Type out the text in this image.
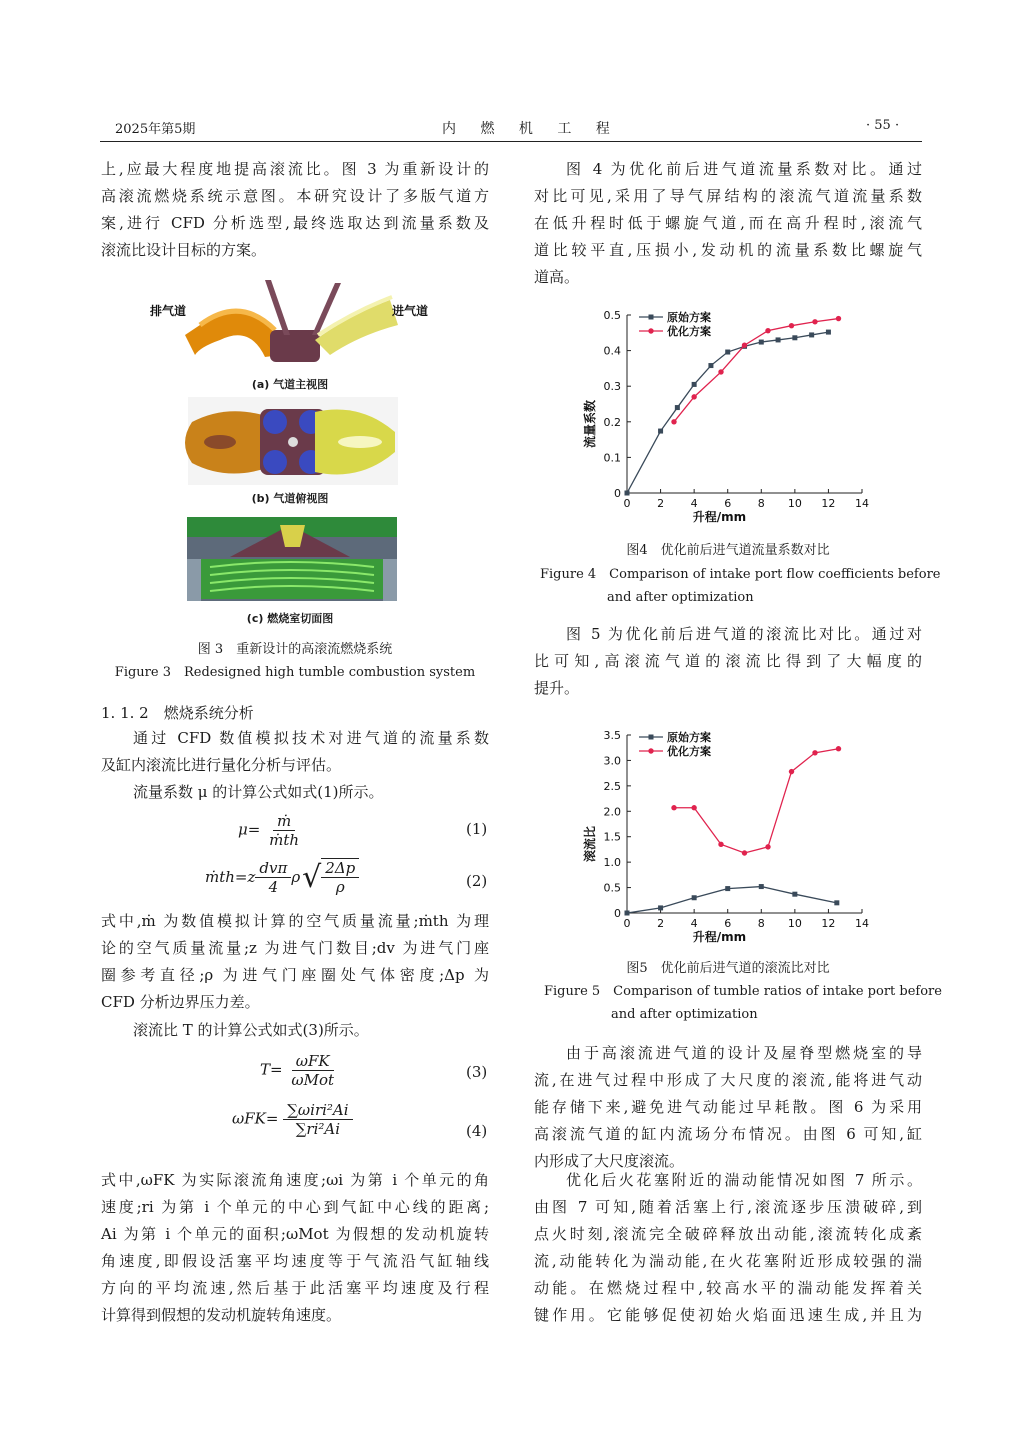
2025年第5期	内 燃 机 工 程	· 55 ·
上,应最大程度地提高滚流比。图 3 为重新设计的
高滚流燃烧系统示意图。本研究设计了多版气道方
案,进行 CFD 分析选型,最终选取达到流量系数及
滚流比设计目标的方案。
排气道	进气道
(a) 气道主视图
(b) 气道俯视图
(c) 燃烧室切面图
图 3　重新设计的高滚流燃烧系统
Figure 3　Redesigned high tumble combustion system
1. 1. 2　燃烧系统分析
通过 CFD 数值模拟技术对进气道的流量系数
及缸内滚流比进行量化分析与评估。
流量系数 μ 的计算公式如式(1)所示。
$\mu= \frac{\text{ṁ}}{\text{ṁth}}$	(1)
ṁth=z $\frac{\text{dvπ}}{4}$ ρ √ $\frac{2\Delta p}{\rho}$	(2)
式中,ṁ 为数值模拟计算的空气质量流量;ṁth 为理
论的空气质量流量;z 为进气门数目;dv 为进气门座
圈参考直径;ρ 为进气门座圈处气体密度;Δp 为
CFD 分析边界压力差。
滚流比 T 的计算公式如式(3)所示。
$T= \frac{\text{ωFK}}{\text{ωMot}}$	(3)
$\omega FK= \frac{\text{∑ωiri²Ai}}{\text{∑ri²Ai}}$	(4)
式中,ωFK 为实际滚流角速度;ωi 为第 i 个单元的角
速度;ri 为第 i 个单元的中心到气缸中心线的距离;
Ai 为第 i 个单元的面积;ωMot 为假想的发动机旋转
角速度,即假设活塞平均速度等于气流沿气缸轴线
方向的平均流速,然后基于此活塞平均速度及行程
计算得到假想的发动机旋转角速度。
图 4 为优化前后进气道流量系数对比。通过
对比可见,采用了导气屏结构的滚流气道流量系数
在低升程时低于螺旋气道,而在高升程时,滚流气
道比较平直,压损小,发动机的流量系数比螺旋气
道高。
0 2 4 6 8 10 12 14
0
0.1
0.2
0.3
0.4
0.5
升程/mm
流量系数
原始方案
优化方案
图4　优化前后进气道流量系数对比
Figure 4　Comparison of intake port flow coefficients before
and after optimization
图 5 为优化前后进气道的滚流比对比。通过对
比可知,高滚流气道的滚流比得到了大幅度的
提升。
0 2 4 6 8 10 12 14
0
0.5
1.0
1.5
2.0
2.5
3.0
3.5
升程/mm
滚流比
原始方案
优化方案
图5　优化前后进气道的滚流比对比
Figure 5　Comparison of tumble ratios of intake port before
and after optimization
由于高滚流进气道的设计及屋脊型燃烧室的导
流,在进气过程中形成了大尺度的滚流,能将进气动
能存储下来,避免进气动能过早耗散。图 6 为采用
高滚流气道的缸内流场分布情况。由图 6 可知,缸
内形成了大尺度滚流。
优化后火花塞附近的湍动能情况如图 7 所示。
由图 7 可知,随着活塞上行,滚流逐步压溃破碎,到
点火时刻,滚流完全破碎释放出动能,滚流转化成紊
流,动能转化为湍动能,在火花塞附近形成较强的湍
动能。在燃烧过程中,较高水平的湍动能发挥着关
键作用。它能够促使初始火焰面迅速生成,并且为
